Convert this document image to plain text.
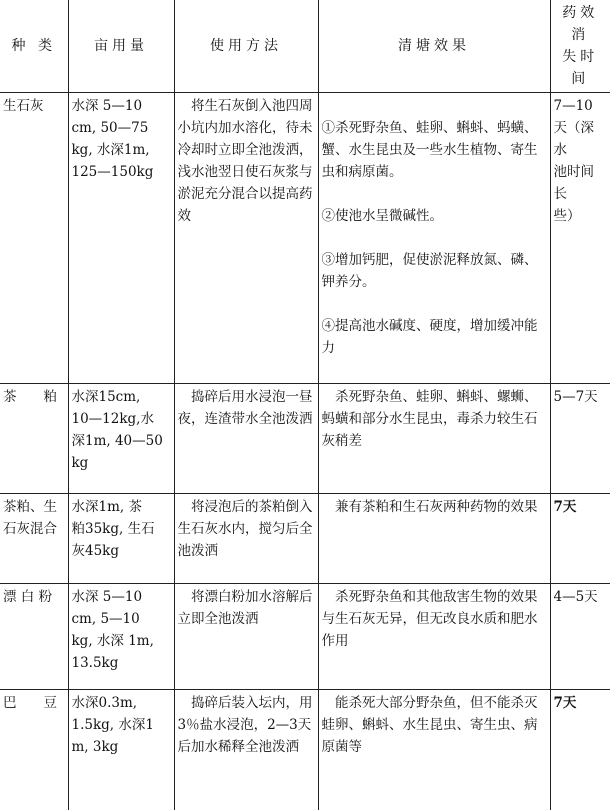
种 类	亩用量	使用方法	清塘效果	药效消
失时间
生石灰	水深 5—10
cm, 50—75
kg, 水深1m,
125—150kg	　将生石灰倒入池四周小坑内加水溶化，待未冷却时立即全池泼洒，浅水池翌日使石灰浆与淤泥充分混合以提高药效	①杀死野杂鱼、蛙卵、蝌蚪、蚂蟥、蟹、水生昆虫及一些水生植物、寄生虫和病原菌。

②使池水呈微碱性。

③增加钙肥，促使淤泥释放氮、磷、钾养分。

④提高池水碱度、硬度，增加缓冲能力	7—10
天（深水
池时间长
些）
茶　　粕	水深15cm,
10—12kg,水
深1m, 40—50
kg	　捣碎后用水浸泡一昼夜，连渣带水全池泼洒	　杀死野杂鱼、蛙卵、蝌蚪、螺蛳、蚂蟥和部分水生昆虫，毒杀力较生石灰稍差	5—7天
茶粕、生
石灰混合	水深1m, 茶
粕35kg, 生石
灰45kg	　将浸泡后的茶粕倒入生石灰水内，搅匀后全池泼洒	　兼有茶粕和生石灰两种药物的效果	7天
漂 白 粉	水深 5—10
cm, 5—10
kg, 水深 1m,
13.5kg	　将漂白粉加水溶解后立即全池泼洒	　杀死野杂鱼和其他敌害生物的效果与生石灰无异，但无改良水质和肥水作用	4—5天
巴　　豆	水深0.3m,
1.5kg, 水深1
m, 3kg	　捣碎后装入坛内，用3％盐水浸泡，2—3天后加水稀释全池泼洒	　能杀死大部分野杂鱼，但不能杀灭蛙卵、蝌蚪、水生昆虫、寄生虫、病原菌等	7天
